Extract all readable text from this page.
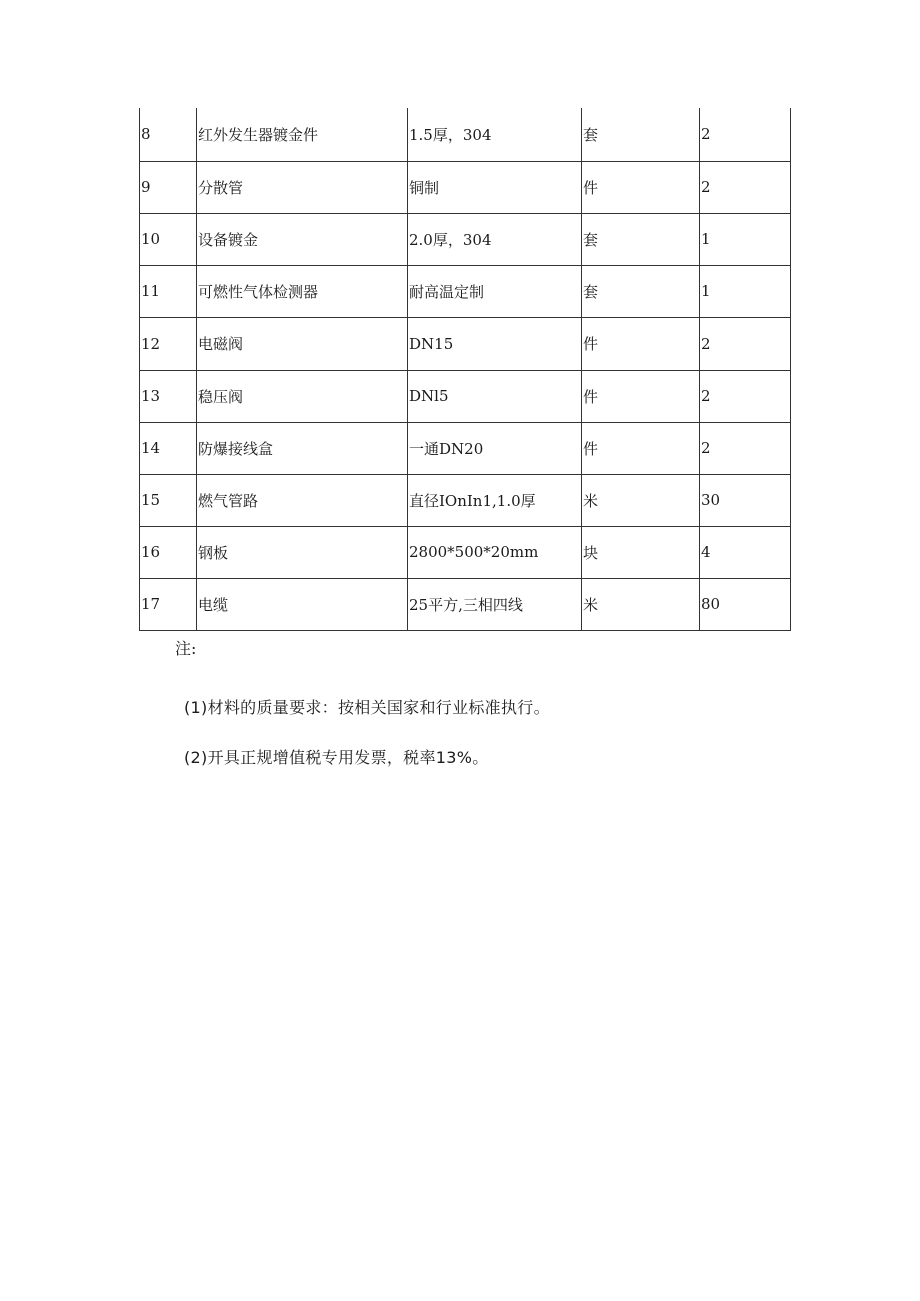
8	红外发生器镀金件	1.5厚，304	套	2
9	分散管	铜制	件	2
10	设备镀金	2.0厚，304	套	1
11	可燃性气体检测器	耐高温定制	套	1
12	电磁阀	DN15	件	2
13	稳压阀	DNl5	件	2
14	防爆接线盒	一通DN20	件	2
15	燃气管路	直径IOnIn1,1.0厚	米	30
16	钢板	2800*500*20mm	块	4
17	电缆	25平方,三相四线	米	80
注:
(1)材料的质量要求：按相关国家和行业标准执行。
(2)开具正规增值税专用发票，税率13%。
